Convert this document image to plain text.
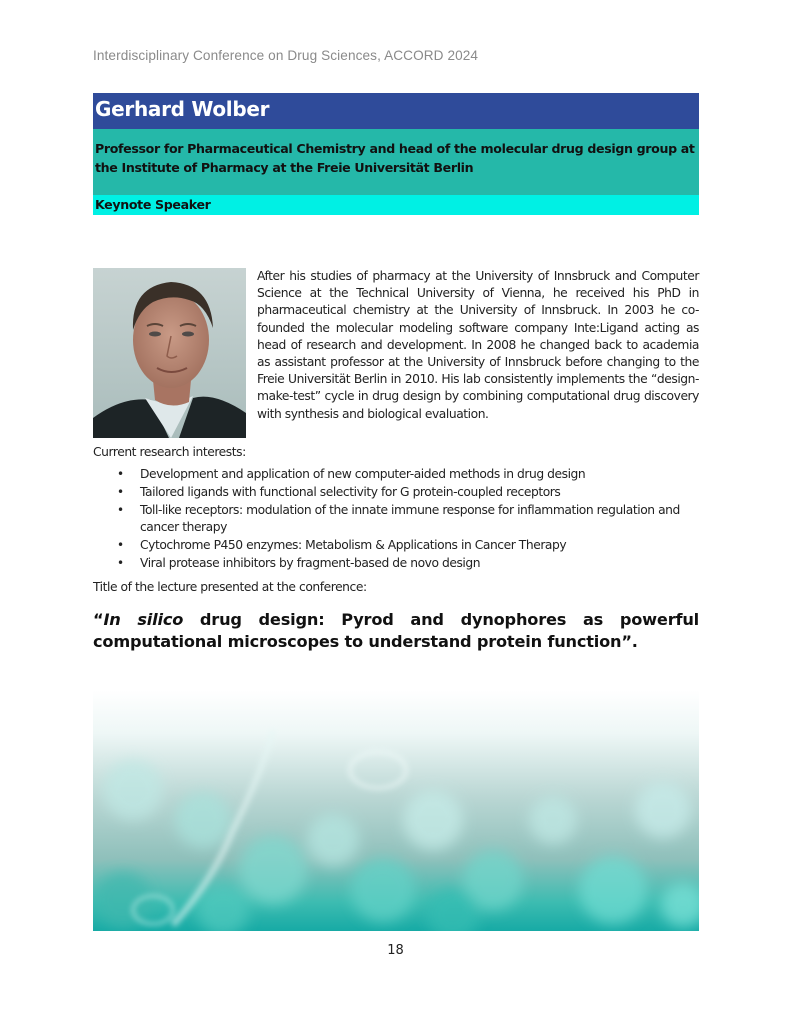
Interdisciplinary Conference on Drug Sciences, ACCORD 2024
Gerhard Wolber
Professor for Pharmaceutical Chemistry and head of the molecular drug design group at the Institute of Pharmacy at the Freie Universität Berlin
Keynote Speaker

After his studies of pharmacy at the University of Innsbruck and Computer Science at the Technical University of Vienna, he received his PhD in pharmaceutical chemistry at the University of Innsbruck. In 2003 he co-founded the molecular modeling software company Inte:Ligand acting as head of research and development. In 2008 he changed back to academia as assistant professor at the University of Innsbruck before changing to the Freie Universität Berlin in 2010. His lab consistently implements the “design-make-test” cycle in drug design by combining computational drug discovery with synthesis and biological evaluation.

Current research interests:
• Development and application of new computer-aided methods in drug design
• Tailored ligands with functional selectivity for G protein-coupled receptors
• Toll-like receptors: modulation of the innate immune response for inflammation regulation and cancer therapy
• Cytochrome P450 enzymes: Metabolism & Applications in Cancer Therapy
• Viral protease inhibitors by fragment-based de novo design
Title of the lecture presented at the conference:
“In silico drug design: Pyrod and dynophores as powerful computational microscopes to understand protein function”.
18
